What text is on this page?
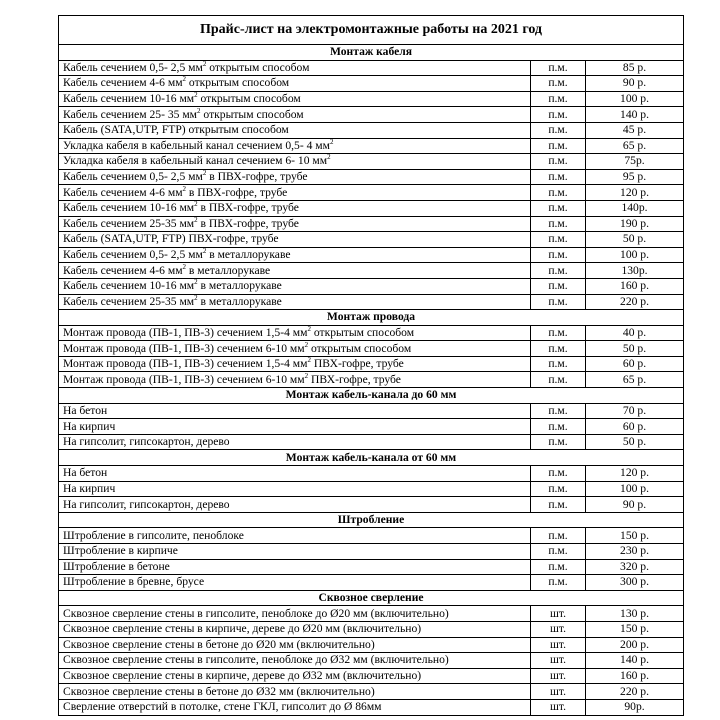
Прайс-лист на электромонтажные работы на 2021 год		
Монтаж кабеля		
Кабель сечением 0,5- 2,5 $мм^2$ открытым способом	п.м.	85 р.
Кабель сечением 4-6 $мм^2$ открытым способом	п.м.	90 р.
Кабель сечением 10-16 $мм^2$ открытым способом	п.м.	100 р.
Кабель сечением 25- 35 $мм^2$ открытым способом	п.м.	140 р.
Кабель (SATA,UTP, FTP) открытым способом	п.м.	45 р.
Укладка кабеля в кабельный канал сечением 0,5- 4 $мм^2$	п.м.	65 р.
Укладка кабеля в кабельный канал сечением 6- 10 $мм^2$	п.м.	75р.
Кабель сечением 0,5- 2,5 $мм^2$ в ПВХ-гофре, трубе	п.м.	95 р.
Кабель сечением 4-6 $мм^2$ в ПВХ-гофре, трубе	п.м.	120 р.
Кабель сечением 10-16 $мм^2$ в ПВХ-гофре, трубе	п.м.	140р.
Кабель сечением 25-35 $мм^2$ в ПВХ-гофре, трубе	п.м.	190 р.
Кабель (SATA,UTP, FTP) ПВХ-гофре, трубе	п.м.	50 р.
Кабель сечением 0,5- 2,5 $мм^2$ в металлорукаве	п.м.	100 р.
Кабель сечением 4-6 $мм^2$ в металлорукаве	п.м.	130р.
Кабель сечением 10-16 $мм^2$ в металлорукаве	п.м.	160 р.
Кабель сечением 25-35 $мм^2$ в металлорукаве	п.м.	220 р.
Монтаж провода		
Монтаж провода (ПВ-1, ПВ-3) сечением 1,5-4 $мм^2$ открытым способом	п.м.	40 р.
Монтаж провода (ПВ-1, ПВ-3) сечением 6-10 $мм^2$ открытым способом	п.м.	50 р.
Монтаж провода (ПВ-1, ПВ-3) сечением 1,5-4 $мм^2$ ПВХ-гофре, трубе	п.м.	60 р.
Монтаж провода (ПВ-1, ПВ-3) сечением 6-10 $мм^2$ ПВХ-гофре, трубе	п.м.	65 р.
Монтаж кабель-канала до 60 мм		
На бетон	п.м.	70 р.
На кирпич	п.м.	60 р.
На гипсолит, гипсокартон, дерево	п.м.	50 р.
Монтаж кабель-канала от 60 мм		
На бетон	п.м.	120 р.
На кирпич	п.м.	100 р.
На гипсолит, гипсокартон, дерево	п.м.	90 р.
Штробление		
Штробление в гипсолите, пеноблоке	п.м.	150 р.
Штробление в кирпиче	п.м.	230 р.
Штробление в бетоне	п.м.	320 р.
Штробление в бревне, брусе	п.м.	300 р.
Сквозное сверление		
Сквозное сверление стены в гипсолите, пеноблоке до Ø20 мм (включительно)	шт.	130 р.
Сквозное сверление стены в кирпиче, дереве до Ø20 мм (включительно)	шт.	150 р.
Сквозное сверление стены в бетоне до Ø20 мм (включительно)	шт.	200 р.
Сквозное сверление стены в гипсолите, пеноблоке до Ø32 мм (включительно)	шт.	140 р.
Сквозное сверление стены в кирпиче, дереве до Ø32 мм (включительно)	шт.	160 р.
Сквозное сверление стены в бетоне до Ø32 мм (включительно)	шт.	220 р.
Сверление отверстий в потолке, стене ГКЛ, гипсолит до Ø 86мм	шт.	90р.
